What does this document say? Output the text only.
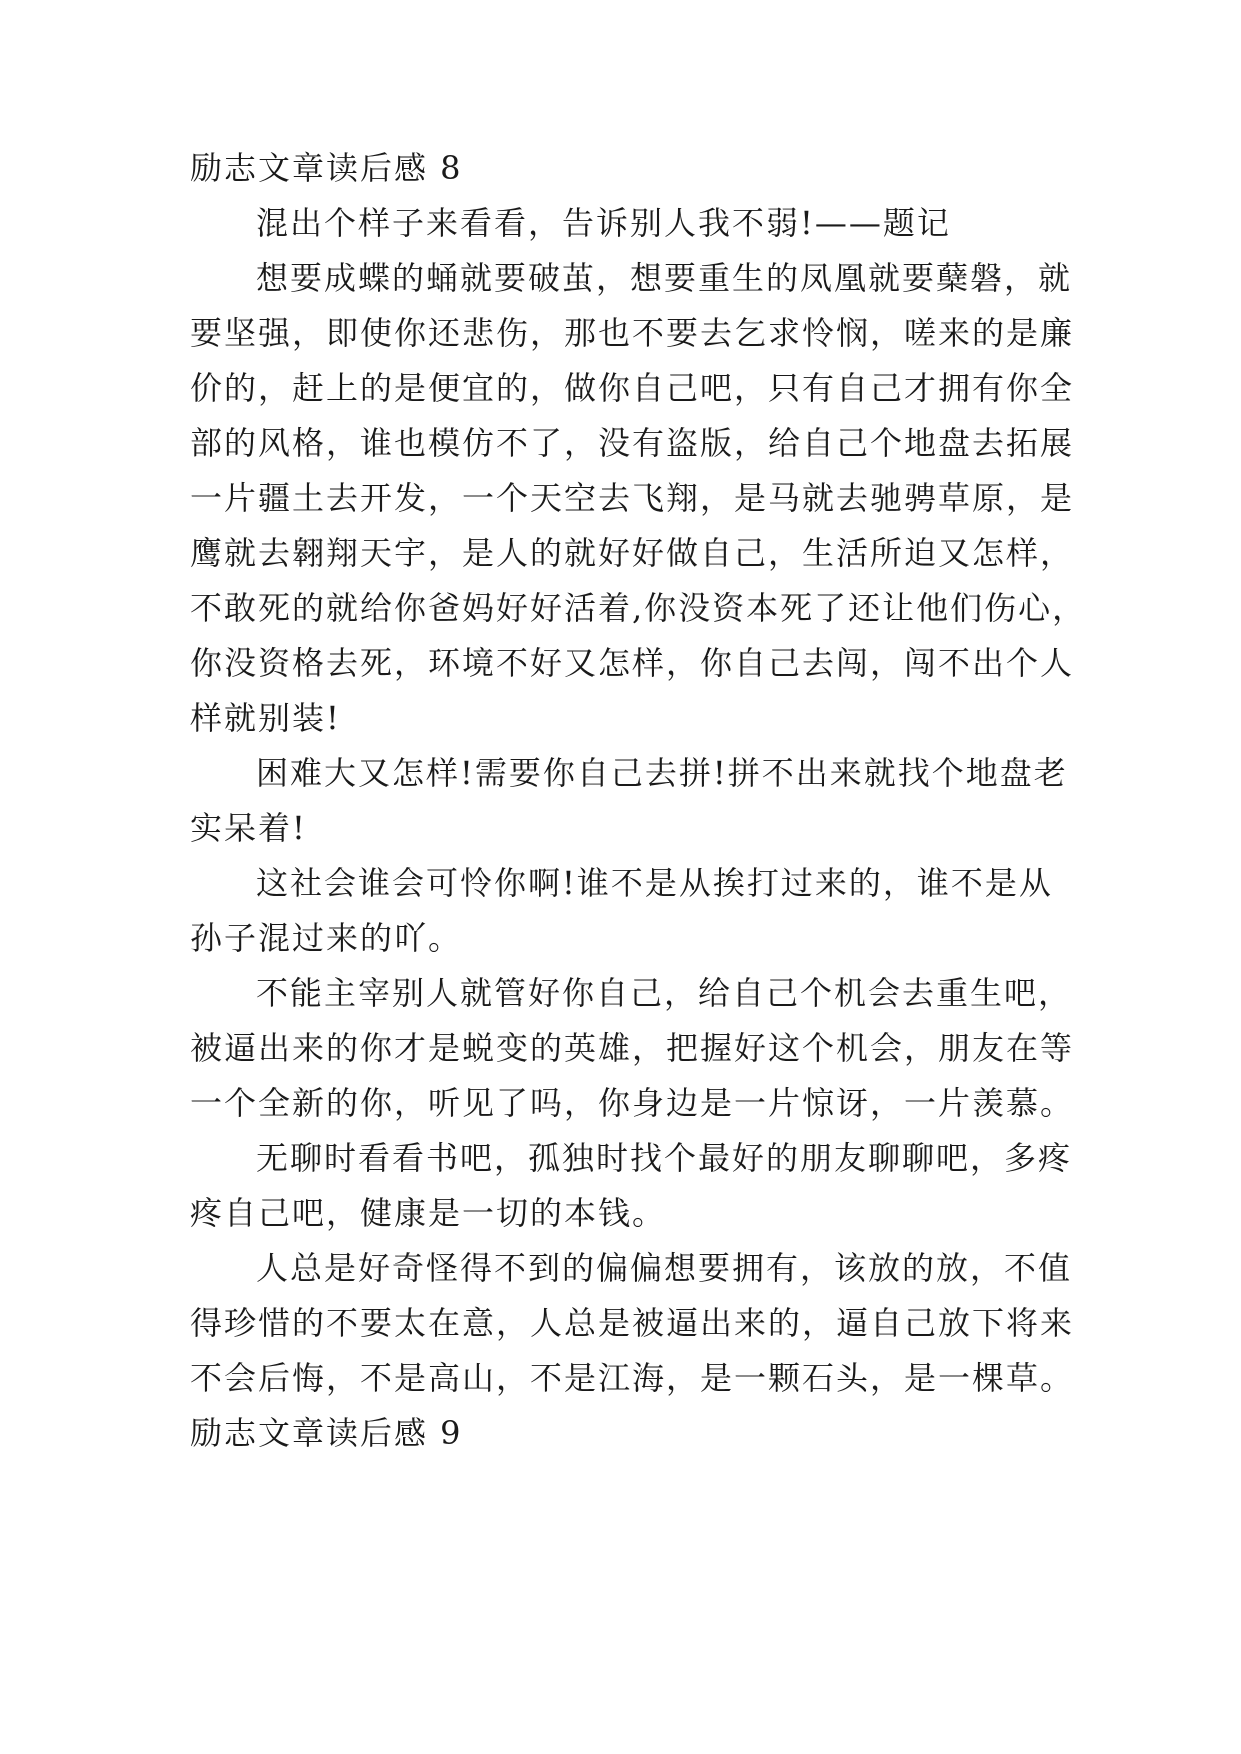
励志文章读后感 8
混出个样子来看看，告诉别人我不弱!——题记
想要成蝶的蛹就要破茧，想要重生的凤凰就要蘖磐，就
要坚强，即使你还悲伤，那也不要去乞求怜悯，嗟来的是廉
价的，赶上的是便宜的，做你自己吧，只有自己才拥有你全
部的风格，谁也模仿不了，没有盗版，给自己个地盘去拓展
一片疆土去开发，一个天空去飞翔，是马就去驰骋草原，是
鹰就去翱翔天宇，是人的就好好做自己，生活所迫又怎样，
不敢死的就给你爸妈好好活着,你没资本死了还让他们伤心，
你没资格去死，环境不好又怎样，你自己去闯，闯不出个人
样就别装!
困难大又怎样!需要你自己去拼!拼不出来就找个地盘老
实呆着!
这社会谁会可怜你啊!谁不是从挨打过来的，谁不是从
孙子混过来的吖。
不能主宰别人就管好你自己，给自己个机会去重生吧，
被逼出来的你才是蜕变的英雄，把握好这个机会，朋友在等
一个全新的你，听见了吗，你身边是一片惊讶，一片羡慕。
无聊时看看书吧，孤独时找个最好的朋友聊聊吧，多疼
疼自己吧，健康是一切的本钱。
人总是好奇怪得不到的偏偏想要拥有，该放的放，不值
得珍惜的不要太在意，人总是被逼出来的，逼自己放下将来
不会后悔，不是高山，不是江海，是一颗石头，是一棵草。
励志文章读后感 9
